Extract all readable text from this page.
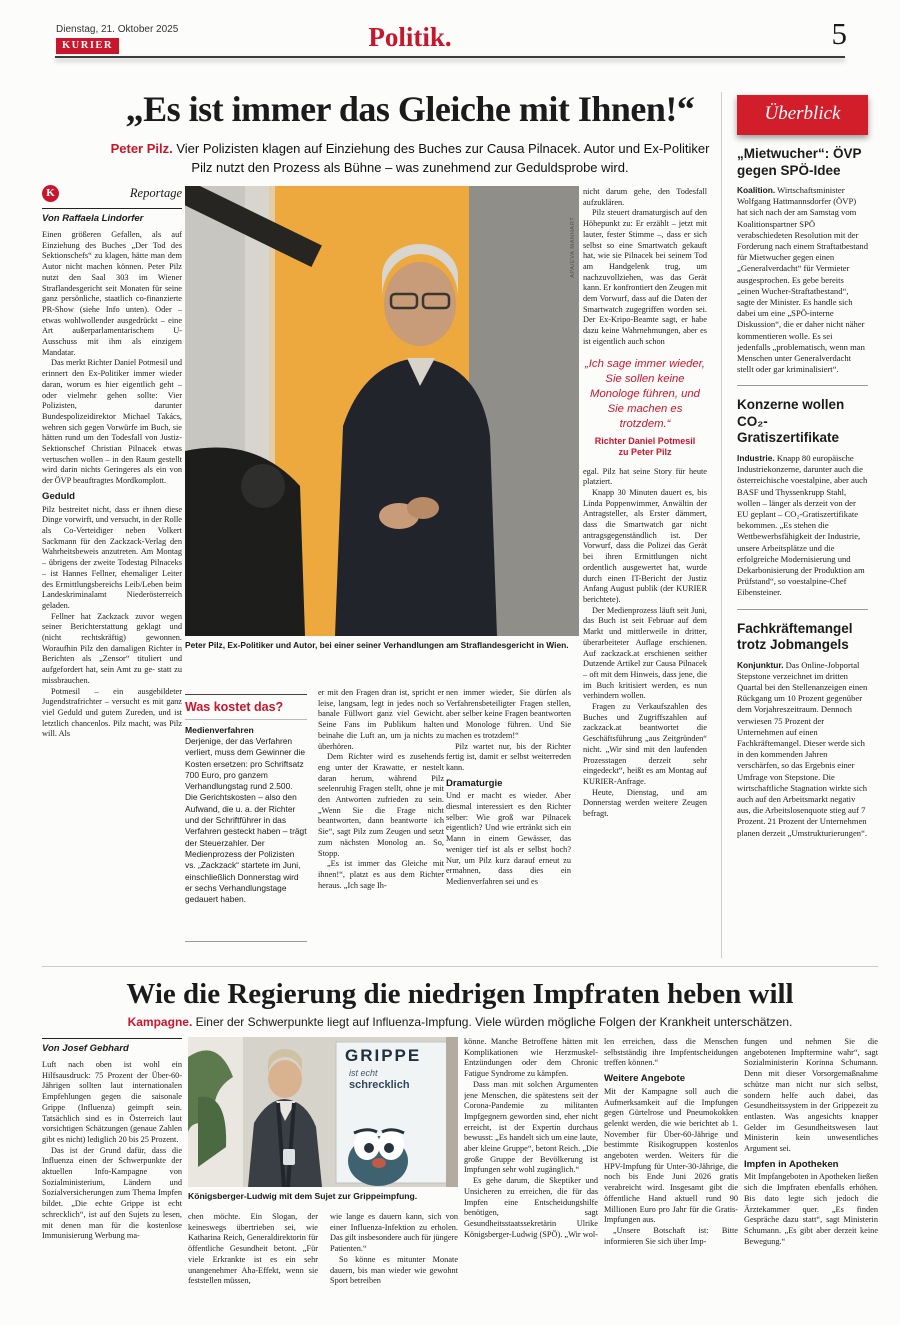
Dienstag, 21. Oktober 2025
KURIER	Politik.	5
„Es ist immer das Gleiche mit Ihnen!“
Peter Pilz. Vier Polizisten klagen auf Einziehung des Buches zur Causa Pilnacek. Autor und Ex-Politiker Pilz nutzt den Prozess als Bühne – was zunehmend zur Geduldsprobe wird.
K	Reportage
Von Raffaela Lindorfer

Einen größeren Gefallen, als auf Einziehung des Buches „Der Tod des Sektionschefs“ zu klagen, hätte man dem Autor nicht machen können. Peter Pilz nutzt den Saal 303 im Wiener Straflandesgericht seit Monaten für seine ganz persönliche, staatlich co-finanzierte PR-Show (siehe Info unten). Oder – etwas wohlwollender ausgedrückt – eine Art außerparlamentarischem U-Ausschuss mit ihm als einzigem Mandatar.

Das merkt Richter Daniel Potmesil und erinnert den Ex-Politiker immer wieder daran, worum es hier eigentlich geht – oder vielmehr gehen sollte: Vier Polizisten, darunter Bundespolizeidirektor Michael Takács, wehren sich gegen Vorwürfe im Buch, sie hätten rund um den Todesfall von Justiz-Sektionschef Christian Pilnacek etwas vertuschen wollen – in den Raum gestellt wird darin nichts Geringeres als ein von der ÖVP beauftragtes Mordkomplott.

Geduld

Pilz bestreitet nicht, dass er ihnen diese Dinge vorwirft, und versucht, in der Rolle als Co-Verteidiger neben Volkert Sackmann für den Zackzack-Verlag den Wahrheitsbeweis anzutreten. Am Montag – übrigens der zweite Todestag Pilnaceks – ist Hannes Fellner, ehemaliger Leiter des Ermittlungsbereichs Leib/Leben beim Landeskriminalamt Niederösterreich geladen.

Fellner hat Zackzack zuvor wegen seiner Berichterstattung geklagt und (nicht rechtskräftig) gewonnen. Woraufhin Pilz den damaligen Richter in Berichten als „Zensor“ tituliert und aufgefordert hat, sein Amt zu ge- statt zu missbrauchen.

Potmesil – ein ausgebildeter Jugendstrafrichter – versucht es mit ganz viel Geduld und gutem Zureden, und ist letztlich chancenlos. Pilz macht, was Pilz will. Als

Peter Pilz, Ex-Politiker und Autor, bei einer seiner Verhandlungen am Straflandesgericht in Wien.
APA/EVA MANHART
Was kostet das?
Medienverfahren
Derjenige, der das Verfahren verliert, muss dem Gewinner die Kosten ersetzen: pro Schriftsatz 700 Euro, pro ganzem Verhandlungstag rund 2.500. Die Gerichtskosten – also den Aufwand, die u. a. der Richter und der Schriftführer in das Verfahren gesteckt haben – trägt der Steuerzahler. Der Medienprozess der Polizisten vs. „Zackzack“ startete im Juni, einschließlich Donnerstag wird er sechs Verhandlungstage gedauert haben.

er mit den Fragen dran ist, spricht er leise, langsam, legt in jedes noch so banale Füllwort ganz viel Gewicht. Seine Fans im Publikum halten beinahe die Luft an, um ja nichts zu überhören.

Dem Richter wird es zusehends eng unter der Krawatte, er nestelt daran herum, während Pilz seelenruhig Fragen stellt, ohne je mit den Antworten zufrieden zu sein. „Wenn Sie die Frage nicht beantworten, dann beantworte ich Sie“, sagt Pilz zum Zeugen und setzt zum nächsten Monolog an. So, Stopp.

„Es ist immer das Gleiche mit ihnen!“, platzt es aus dem Richter heraus. „Ich sage Ih-

nen immer wieder, Sie dürfen als Verfahrensbeteiligter Fragen stellen, aber selber keine Fragen beantworten und Monologe führen. Und Sie machen es trotzdem!“

Pilz wartet nur, bis der Richter fertig ist, damit er selbst weiterreden kann.

Dramaturgie

Und er macht es wieder. Aber diesmal interessiert es den Richter selber: Wie groß war Pilnacek eigentlich? Und wie ertränkt sich ein Mann in einem Gewässer, das weniger tief ist als er selbst hoch? Nur, um Pilz kurz darauf erneut zu ermahnen, dass dies ein Medienverfahren sei und es

nicht darum gehe, den Todesfall aufzuklären.

Pilz steuert dramaturgisch auf den Höhepunkt zu: Er erzählt – jetzt mit lauter, fester Stimme –, dass er sich selbst so eine Smartwatch gekauft hat, wie sie Pilnacek bei seinem Tod am Handgelenk trug, um nachzuvollziehen, was das Gerät kann. Er konfrontiert den Zeugen mit dem Vorwurf, dass auf die Daten der Smartwatch zugegriffen worden sei. Der Ex-Kripo-Beamte sagt, er habe dazu keine Wahrnehmungen, aber es ist eigentlich auch schon

„Ich sage immer wieder, Sie sollen keine Monologe führen, und Sie machen es trotzdem.“
Richter Daniel Potmesil
zu Peter Pilz

egal. Pilz hat seine Story für heute platziert.

Knapp 30 Minuten dauert es, bis Linda Poppenwimmer, Anwältin der Antragsteller, als Erster dämmert, dass die Smartwatch gar nicht antragsgegenständlich ist. Der Vorwurf, dass die Polizei das Gerät bei ihren Ermittlungen nicht ordentlich ausgewertet hat, wurde durch einen IT-Bericht der Justiz Anfang August publik (der KURIER berichtete).

Der Medienprozess läuft seit Juni, das Buch ist seit Februar auf dem Markt und mittlerweile in dritter, überarbeiteter Auflage erschienen. Auf zackzack.at erschienen seither Dutzende Artikel zur Causa Pilnacek – oft mit dem Hinweis, dass jene, die im Buch kritisiert werden, es nun verhindern wollen.

Fragen zu Verkaufszahlen des Buches und Zugriffszahlen auf zackzack.at beantwortet die Geschäftsführung „aus Zeitgründen“ nicht. „Wir sind mit den laufenden Prozesstagen derzeit sehr eingedeckt“, heißt es am Montag auf KURIER-Anfrage.

Heute, Dienstag, und am Donnerstag werden weitere Zeugen befragt.

Überblick
„Mietwucher“: ÖVP gegen SPÖ-Idee
Koalition. Wirtschaftsminister Wolfgang Hattmannsdorfer (ÖVP) hat sich nach der am Samstag vom Koalitionspartner SPÖ verabschiedeten Resolution mit der Forderung nach einem Straftatbestand für Mietwucher gegen einen „Generalverdacht“ für Vermieter ausgesprochen. Es gebe bereits „einen Wucher-Straftatbestand“, sagte der Minister. Es handle sich dabei um eine „SPÖ-interne Diskussion“, die er daher nicht näher kommentieren wolle. Es sei jedenfalls „problematisch, wenn man Menschen unter Generalverdacht stellt oder gar kriminalisiert“.
Konzerne wollen CO₂-Gratiszertifikate
Industrie. Knapp 80 europäische Industriekonzerne, darunter auch die österreichische voestalpine, aber auch BASF und Thyssenkrupp Stahl, wollen – länger als derzeit von der EU geplant – CO₂-Gratiszertifikate bekommen. „Es stehen die Wettbewerbsfähigkeit der Industrie, unsere Arbeitsplätze und die erfolgreiche Modernisierung und Dekarbonisierung der Produktion am Prüfstand“, so voestalpine-Chef Eibensteiner.
Fachkräftemangel trotz Jobmangels
Konjunktur. Das Online-Jobportal Stepstone verzeichnet im dritten Quartal bei den Stellenanzeigen einen Rückgang um 10 Prozent gegenüber dem Vorjahreszeitraum. Dennoch verwiesen 75 Prozent der Unternehmen auf einen Fachkräftemangel. Dieser werde sich in den kommenden Jahren verschärfen, so das Ergebnis einer Umfrage von Stepstone. Die wirtschaftliche Stagnation wirkte sich auch auf den Arbeitsmarkt negativ aus, die Arbeitslosenquote stieg auf 7 Prozent. 21 Prozent der Unternehmen planen derzeit „Umstrukturierungen“.
Wie die Regierung die niedrigen Impfraten heben will
Kampagne. Einer der Schwerpunkte liegt auf Influenza-Impfung. Viele würden mögliche Folgen der Krankheit unterschätzen.
Von Josef Gebhard

Luft nach oben ist wohl ein Hilfsausdruck: 75 Prozent der Über-60-Jährigen sollten laut internationalen Empfehlungen gegen die saisonale Grippe (Influenza) geimpft sein. Tatsächlich sind es in Österreich laut vorsichtigen Schätzungen (genaue Zahlen gibt es nicht) lediglich 20 bis 25 Prozent.

Das ist der Grund dafür, dass die Influenza einen der Schwerpunkte der aktuellen Info-Kampagne von Sozialministerium, Ländern und Sozialversicherungen zum Thema Impfen bildet. „Die echte Grippe ist echt schrecklich“, ist auf den Sujets zu lesen, mit denen man für die kostenlose Immunisierung Werbung ma-

GRIPPE
ist echt
schrecklich
Königsberger-Ludwig mit dem Sujet zur Grippeimpfung.

chen möchte. Ein Slogan, der keineswegs übertrieben sei, wie Katharina Reich, Generaldirektorin für öffentliche Gesundheit betont. „Für viele Erkrankte ist es ein sehr unangenehmer Aha-Effekt, wenn sie feststellen müssen,

wie lange es dauern kann, sich von einer Influenza-Infektion zu erholen. Das gilt insbesondere auch für jüngere Patienten.“

So könne es mitunter Monate dauern, bis man wieder wie gewohnt Sport betreiben

könne. Manche Betroffene hätten mit Komplikationen wie Herzmuskel-Entzündungen oder dem Chronic Fatigue Syndrome zu kämpfen.

Dass man mit solchen Argumenten jene Menschen, die spätestens seit der Corona-Pandemie zu militanten Impfgegnern geworden sind, eher nicht erreicht, ist der Expertin durchaus bewusst: „Es handelt sich um eine laute, aber kleine Gruppe“, betont Reich. „Die große Gruppe der Bevölkerung ist Impfungen sehr wohl zugänglich.“

Es gehe darum, die Skeptiker und Unsicheren zu erreichen, die für das Impfen eine Entscheidungshilfe benötigen, sagt Gesundheitsstaatssekretärin Ulrike Königsberger-Ludwig (SPÖ). „Wir wol-

len erreichen, dass die Menschen selbstständig ihre Impfentscheidungen treffen können.“

Weitere Angebote

Mit der Kampagne soll auch die Aufmerksamkeit auf die Impfungen gegen Gürtelrose und Pneumokokken gelenkt werden, die wie berichtet ab 1. November für Über-60-Jährige und bestimmte Risikogruppen kostenlos angeboten werden. Weiters für die HPV-Impfung für Unter-30-Jährige, die noch bis Ende Juni 2026 gratis verabreicht wird. Insgesamt gibt die öffentliche Hand aktuell rund 90 Millionen Euro pro Jahr für die Gratis-Impfungen aus.

„Unsere Botschaft ist: Bitte informieren Sie sich über Imp-

fungen und nehmen Sie die angebotenen Impftermine wahr“, sagt Sozialministerin Korinna Schumann. Denn mit dieser Vorsorgemaßnahme schütze man nicht nur sich selbst, sondern helfe auch dabei, das Gesundheitssystem in der Grippezeit zu entlasten. Was angesichts knapper Gelder im Gesundheitswesen laut Ministerin kein unwesentliches Argument sei.

Impfen in Apotheken

Mit Impfangeboten in Apotheken ließen sich die Impfraten ebenfalls erhöhen. Bis dato legte sich jedoch die Ärztekammer quer. „Es finden Gespräche dazu statt“, sagt Ministerin Schumann. „Es gibt aber derzeit keine Bewegung.“
